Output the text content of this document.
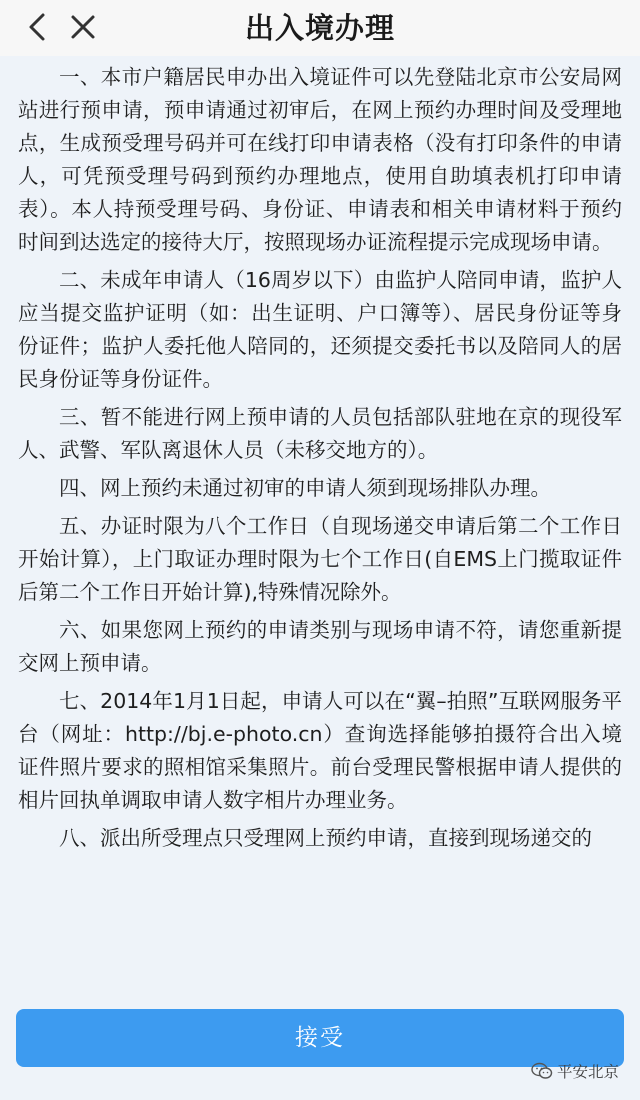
出入境办理

一、本市户籍居民申办出入境证件可以先登陆北京市公安局网站进行预申请，预申请通过初审后，在网上预约办理时间及受理地点，生成预受理号码并可在线打印申请表格（没有打印条件的申请人，可凭预受理号码到预约办理地点，使用自助填表机打印申请表）。本人持预受理号码、身份证、申请表和相关申请材料于预约时间到达选定的接待大厅，按照现场办证流程提示完成现场申请。

二、未成年申请人（16周岁以下）由监护人陪同申请，监护人应当提交监护证明（如：出生证明、户口簿等）、居民身份证等身份证件；监护人委托他人陪同的，还须提交委托书以及陪同人的居民身份证等身份证件。

三、暂不能进行网上预申请的人员包括部队驻地在京的现役军人、武警、军队离退休人员（未移交地方的）。

四、网上预约未通过初审的申请人须到现场排队办理。

五、办证时限为八个工作日（自现场递交申请后第二个工作日开始计算），上门取证办理时限为七个工作日(自EMS上门揽取证件后第二个工作日开始计算),特殊情况除外。

六、如果您网上预约的申请类别与现场申请不符，请您重新提交网上预申请。

七、2014年1月1日起，申请人可以在“翼–拍照”互联网服务平台（网址：http://bj.e-photo.cn）查询选择能够拍摄符合出入境证件照片要求的照相馆采集照片。前台受理民警根据申请人提供的相片回执单调取申请人数字相片办理业务。

八、派出所受理点只受理网上预约申请，直接到现场递交的

接受
平安北京
